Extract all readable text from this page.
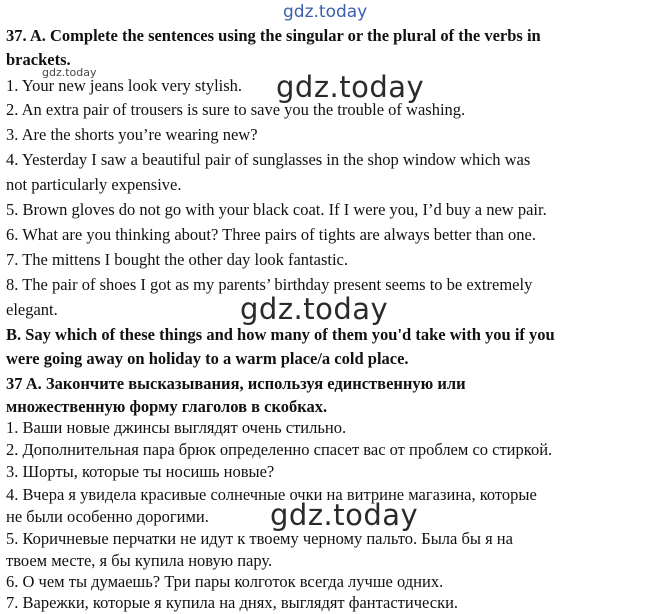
gdz.today
gdz.today	gdz.today
gdz.today
gdz.today
37. A. Complete the sentences using the singular or the plural of the verbs in
brackets.
1. Your new jeans look very stylish.
2. An extra pair of trousers is sure to save you the trouble of washing.
3. Are the shorts you’re wearing new?
4. Yesterday I saw a beautiful pair of sunglasses in the shop window which was
not particularly expensive.
5. Brown gloves do not go with your black coat. If I were you, I’d buy a new pair.
6. What are you thinking about? Three pairs of tights are always better than one.
7. The mittens I bought the other day look fantastic.
8. The pair of shoes I got as my parents’ birthday present seems to be extremely
elegant.
B. Say which of these things and how many of them you'd take with you if you
were going away on holiday to a warm place/a cold place.
37 A. Закончите высказывания, используя единственную или
множественную форму глаголов в скобках.
1. Ваши новые джинсы выглядят очень стильно.
2. Дополнительная пара брюк определенно спасет вас от проблем со стиркой.
3. Шорты, которые ты носишь новые?
4. Вчера я увидела красивые солнечные очки на витрине магазина, которые
не были особенно дорогими.
5. Коричневые перчатки не идут к твоему черному пальто. Была бы я на
твоем месте, я бы купила новую пару.
6. О чем ты думаешь? Три пары колготок всегда лучше одних.
7. Варежки, которые я купила на днях, выглядят фантастически.
